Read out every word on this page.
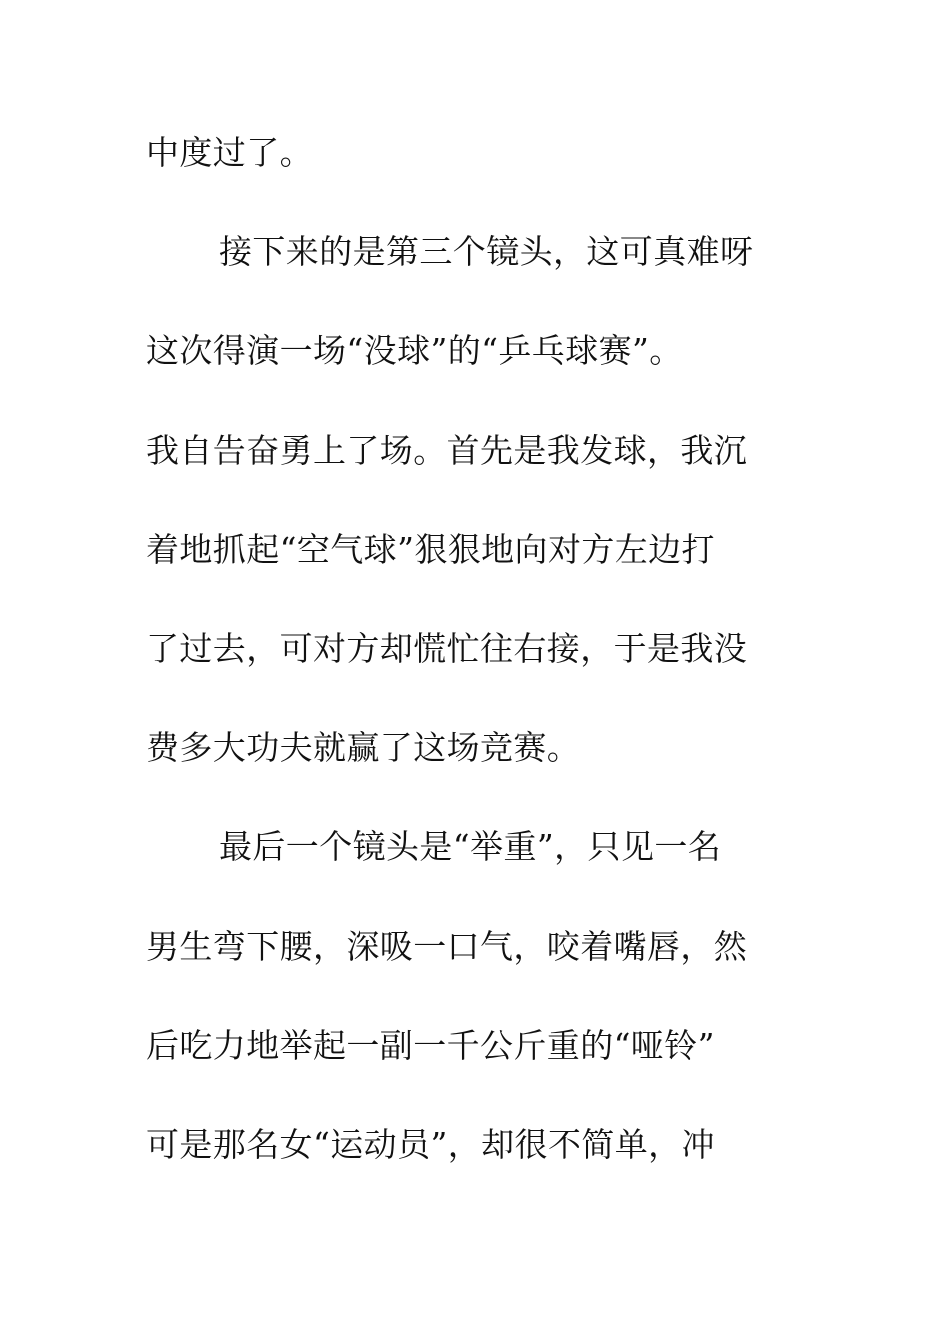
中度过了。
接下来的是第三个镜头，这可真难呀
这次得演一场“没球”的“乒乓球赛”。
我自告奋勇上了场。首先是我发球，我沉
着地抓起“空气球”狠狠地向对方左边打
了过去，可对方却慌忙往右接，于是我没
费多大功夫就赢了这场竞赛。
最后一个镜头是“举重”，只见一名
男生弯下腰，深吸一口气，咬着嘴唇，然
后吃力地举起一副一千公斤重的“哑铃”
可是那名女“运动员”，却很不简单，冲
